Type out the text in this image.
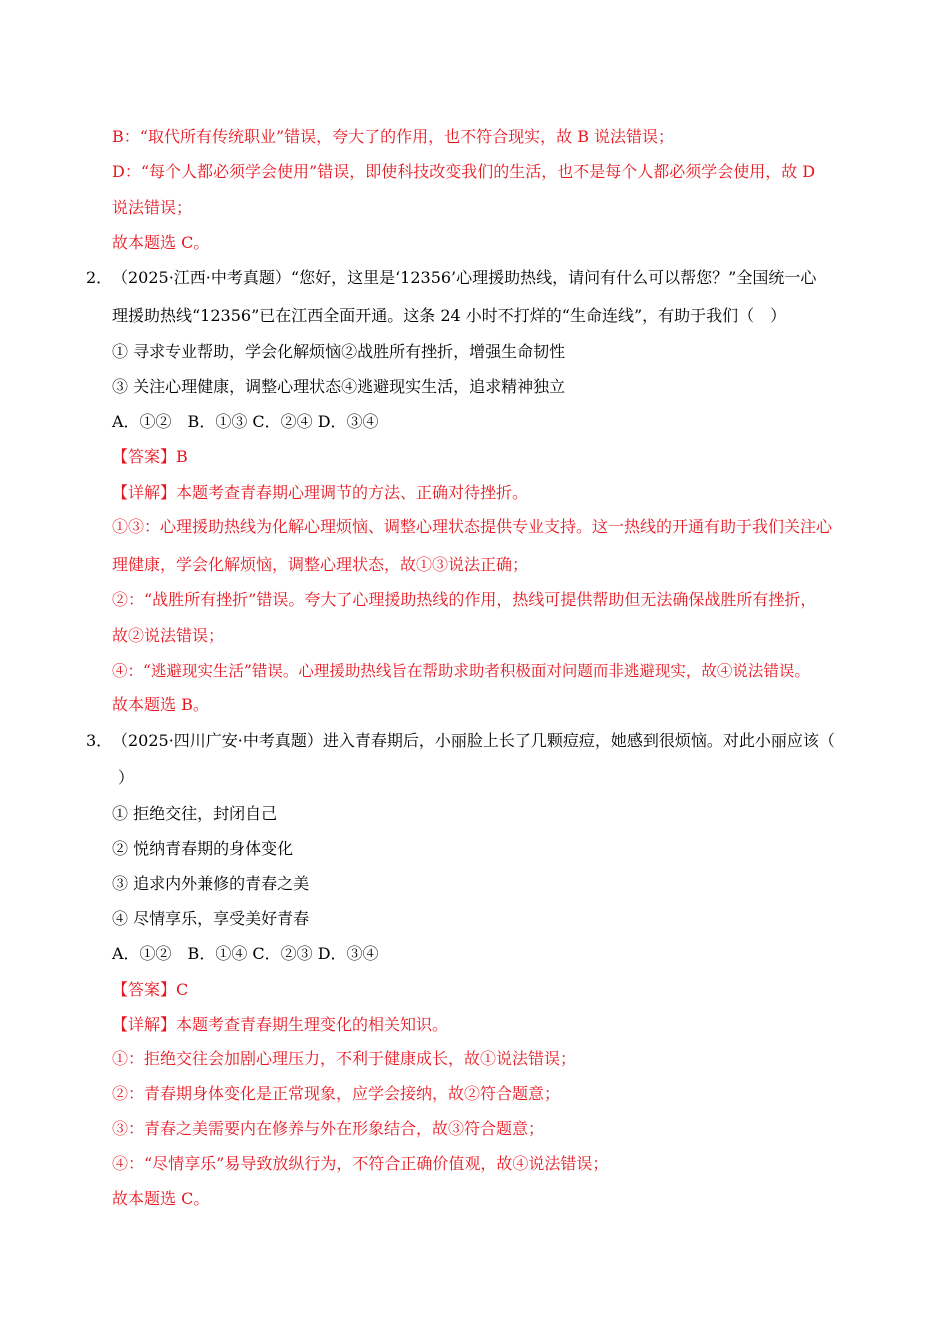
B：“取代所有传统职业”错误，夸大了的作用，也不符合现实，故 B 说法错误；
D：“每个人都必须学会使用”错误，即使科技改变我们的生活，也不是每个人都必须学会使用，故 D
说法错误；
故本题选 C。
2． （2025·江西·中考真题）“您好，这里是‘12356’心理援助热线，请问有什么可以帮您？”全国统一心
理援助热线“12356”已在江西全面开通。这条 24 小时不打烊的“生命连线”，有助于我们（　）
① 寻求专业帮助，学会化解烦恼②战胜所有挫折，增强生命韧性
③ 关注心理健康，调整心理状态④逃避现实生活，追求精神独立
A．①②　B．①③ C．②④ D．③④
【答案】B
【详解】本题考查青春期心理调节的方法、正确对待挫折。
①③：心理援助热线为化解心理烦恼、调整心理状态提供专业支持。这一热线的开通有助于我们关注心
理健康，学会化解烦恼，调整心理状态，故①③说法正确；
②：“战胜所有挫折”错误。夸大了心理援助热线的作用，热线可提供帮助但无法确保战胜所有挫折，
故②说法错误；
④：“逃避现实生活”错误。心理援助热线旨在帮助求助者积极面对问题而非逃避现实，故④说法错误。
故本题选 B。
3． （2025·四川广安·中考真题）进入青春期后，小丽脸上长了几颗痘痘，她感到很烦恼。对此小丽应该（
）
① 拒绝交往，封闭自己
② 悦纳青春期的身体变化
③ 追求内外兼修的青春之美
④ 尽情享乐，享受美好青春
A．①②　B．①④ C．②③ D．③④
【答案】C
【详解】本题考查青春期生理变化的相关知识。
①：拒绝交往会加剧心理压力，不利于健康成长，故①说法错误；
②：青春期身体变化是正常现象，应学会接纳，故②符合题意；
③：青春之美需要内在修养与外在形象结合，故③符合题意；
④：“尽情享乐”易导致放纵行为，不符合正确价值观，故④说法错误；
故本题选 C。
